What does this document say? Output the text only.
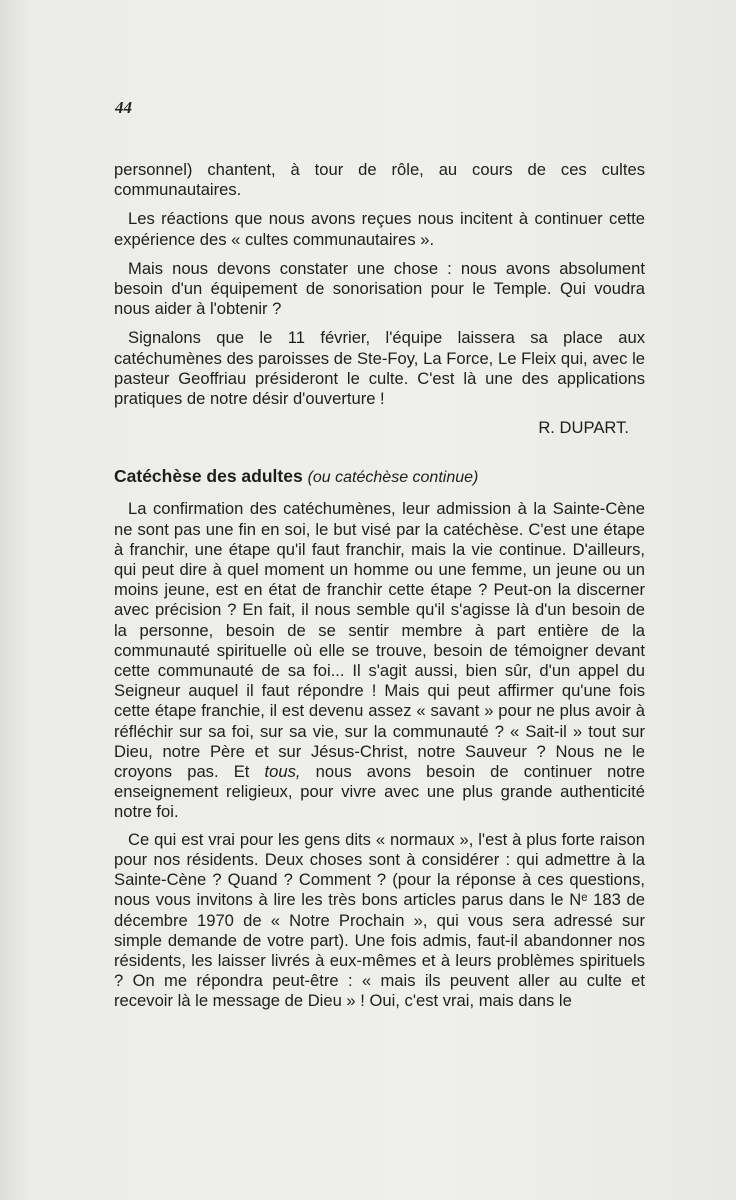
44

personnel) chantent, à tour de rôle, au cours de ces cultes communautaires.

Les réactions que nous avons reçues nous incitent à continuer cette expérience des « cultes communautaires ».

Mais nous devons constater une chose : nous avons absolument besoin d'un équipement de sonorisation pour le Temple. Qui voudra nous aider à l'obtenir ?

Signalons que le 11 février, l'équipe laissera sa place aux catéchumènes des paroisses de Ste-Foy, La Force, Le Fleix qui, avec le pasteur Geoffriau présideront le culte. C'est là une des applications pratiques de notre désir d'ouverture !

R. DUPART.

Catéchèse des adultes (ou catéchèse continue)

La confirmation des catéchumènes, leur admission à la Sainte-Cène ne sont pas une fin en soi, le but visé par la catéchèse. C'est une étape à franchir, une étape qu'il faut franchir, mais la vie continue. D'ailleurs, qui peut dire à quel moment un homme ou une femme, un jeune ou un moins jeune, est en état de franchir cette étape ? Peut-on la discerner avec précision ? En fait, il nous semble qu'il s'agisse là d'un besoin de la personne, besoin de se sentir membre à part entière de la communauté spirituelle où elle se trouve, besoin de témoigner devant cette communauté de sa foi... Il s'agit aussi, bien sûr, d'un appel du Seigneur auquel il faut répondre ! Mais qui peut affirmer qu'une fois cette étape franchie, il est devenu assez « savant » pour ne plus avoir à réfléchir sur sa foi, sur sa vie, sur la communauté ? « Sait-il » tout sur Dieu, notre Père et sur Jésus-Christ, notre Sauveur ? Nous ne le croyons pas. Et tous, nous avons besoin de continuer notre enseignement religieux, pour vivre avec une plus grande authenticité notre foi.

Ce qui est vrai pour les gens dits « normaux », l'est à plus forte raison pour nos résidents. Deux choses sont à considérer : qui admettre à la Sainte-Cène ? Quand ? Comment ? (pour la réponse à ces questions, nous vous invitons à lire les très bons articles parus dans le Nᵉ 183 de décembre 1970 de « Notre Prochain », qui vous sera adressé sur simple demande de votre part). Une fois admis, faut-il abandonner nos résidents, les laisser livrés à eux-mêmes et à leurs problèmes spirituels ? On me répondra peut-être : « mais ils peuvent aller au culte et recevoir là le message de Dieu » ! Oui, c'est vrai, mais dans le
